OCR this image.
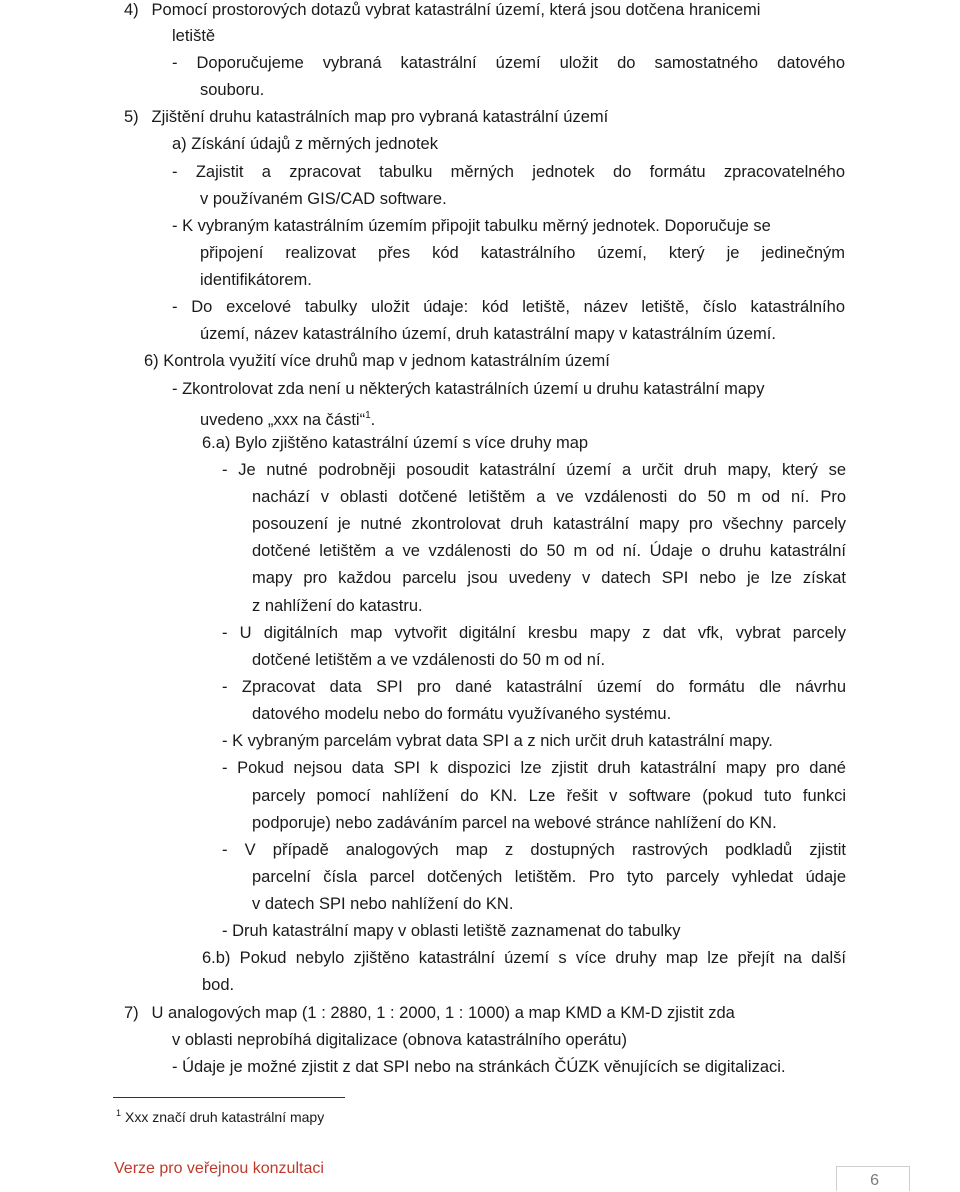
4)	Pomocí prostorových dotazů vybrat katastrální území, která jsou dotčena hranicemi
letiště
- Doporučujeme vybraná katastrální území uložit do samostatného datového
souboru.
5)	Zjištění druhu katastrálních map pro vybraná katastrální území
a) Získání údajů z měrných jednotek
- Zajistit a zpracovat tabulku měrných jednotek do formátu zpracovatelného
v používaném GIS/CAD software.
- K vybraným katastrálním územím připojit tabulku měrný jednotek. Doporučuje se
připojení realizovat přes kód katastrálního území, který je jedinečným
identifikátorem.
- Do excelové tabulky uložit údaje: kód letiště, název letiště, číslo katastrálního
území, název katastrálního území, druh katastrální mapy v katastrálním území.
6) Kontrola využití více druhů map v jednom katastrálním území
- Zkontrolovat zda není u některých katastrálních území u druhu katastrální mapy
uvedeno „xxx na části“$^1$.
6.a) Bylo zjištěno katastrální území s více druhy map
- Je nutné podrobněji posoudit katastrální území a určit druh mapy, který se
nachází v oblasti dotčené letištěm a ve vzdálenosti do 50 m od ní. Pro
posouzení je nutné zkontrolovat druh katastrální mapy pro všechny parcely
dotčené letištěm a ve vzdálenosti do 50 m od ní. Údaje o druhu katastrální
mapy pro každou parcelu jsou uvedeny v datech SPI nebo je lze získat
z nahlížení do katastru.
- U digitálních map vytvořit digitální kresbu mapy z dat vfk, vybrat parcely
dotčené letištěm a ve vzdálenosti do 50 m od ní.
- Zpracovat data SPI pro dané katastrální území do formátu dle návrhu
datového modelu nebo do formátu využívaného systému.
- K vybraným parcelám vybrat data SPI a z nich určit druh katastrální mapy.
- Pokud nejsou data SPI k dispozici lze zjistit druh katastrální mapy pro dané
parcely pomocí nahlížení do KN. Lze řešit v software (pokud tuto funkci
podporuje) nebo zadáváním parcel na webové stránce nahlížení do KN.
- V případě analogových map z dostupných rastrových podkladů zjistit
parcelní čísla parcel dotčených letištěm. Pro tyto parcely vyhledat údaje
v datech SPI nebo nahlížení do KN.
- Druh katastrální mapy v oblasti letiště zaznamenat do tabulky
6.b) Pokud nebylo zjištěno katastrální území s více druhy map lze přejít na další
bod.
7)	U analogových map (1 : 2880, 1 : 2000, 1 : 1000) a map KMD a KM-D zjistit zda
v oblasti neprobíhá digitalizace (obnova katastrálního operátu)
- Údaje je možné zjistit z dat SPI nebo na stránkách ČÚZK věnujících se digitalizaci.
$^1$ Xxx značí druh katastrální mapy
Verze pro veřejnou konzultaci
6
